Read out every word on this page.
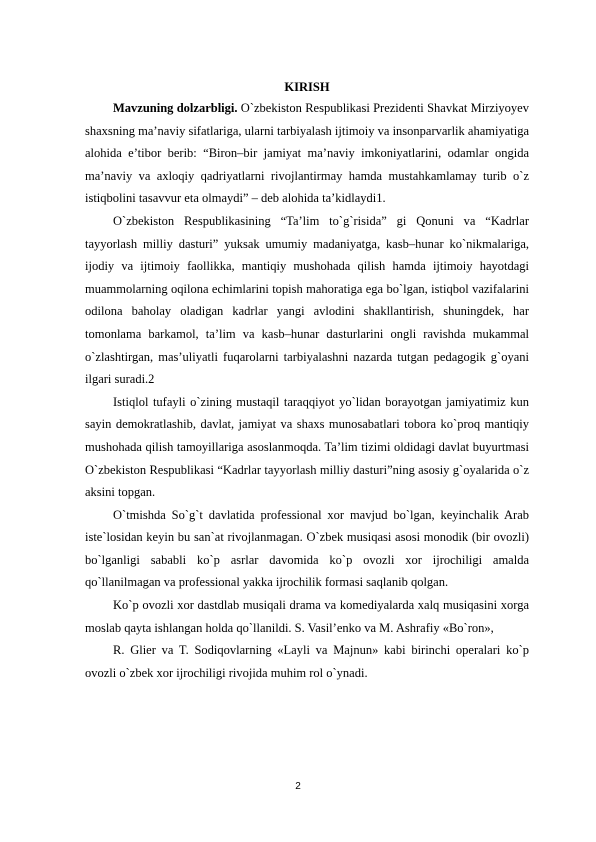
KIRISH

Mavzuning dolzarbligi. O`zbekiston Respublikasi Prezidenti Shavkat Mirziyoyev shaxsning ma’naviy sifatlariga, ularni tarbiyalash ijtimoiy va insonparvarlik ahamiyatiga alohida e’tibor berib: “Biron–bir jamiyat ma’naviy imkoniyatlarini, odamlar ongida ma’naviy va axloqiy qadriyatlarni rivojlantirmay hamda mustahkamlamay turib o`z istiqbolini tasavvur eta olmaydi” – deb alohida ta’kidlaydi1.

O`zbekiston Respublikasining “Ta’lim to`g`risida” gi Qonuni va “Kadrlar tayyorlash milliy dasturi” yuksak umumiy madaniyatga, kasb–hunar ko`nikmalariga, ijodiy va ijtimoiy faollikka, mantiqiy mushohada qilish hamda ijtimoiy hayotdagi muammolarning oqilona echimlarini topish mahoratiga ega bo`lgan, istiqbol vazifalarini odilona baholay oladigan kadrlar yangi avlodini shakllantirish, shuningdek, har tomonlama barkamol, ta’lim va kasb–hunar dasturlarini ongli ravishda mukammal o`zlashtirgan, mas’uliyatli fuqarolarni tarbiyalashni nazarda tutgan pedagogik g`oyani ilgari suradi.2

Istiqlol tufayli o`zining mustaqil taraqqiyot yo`lidan borayotgan jamiyatimiz kun sayin demokratlashib, davlat, jamiyat va shaxs munosabatlari tobora ko`proq mantiqiy mushohada qilish tamoyillariga asoslanmoqda. Ta’lim tizimi oldidagi davlat buyurtmasi O`zbekiston Respublikasi “Kadrlar tayyorlash milliy dasturi”ning asosiy g`oyalarida o`z aksini topgan.

O`tmishda So`g`t davlatida professional xor mavjud bo`lgan, keyinchalik Arab iste`losidan keyin bu san`at rivojlanmagan. O`zbek musiqasi asosi monodik (bir ovozli) bo`lganligi sababli ko`p asrlar davomida ko`p ovozli xor ijrochiligi amalda qo`llanilmagan va professional yakka ijrochilik formasi saqlanib qolgan.

Ko`p ovozli xor dastdlab musiqali drama va komediyalarda xalq musiqasini xorga moslab qayta ishlangan holda qo`llanildi. S. Vasil’enko va M. Ashrafiy «Bo`ron»,

R. Glier va T. Sodiqovlarning «Layli va Majnun» kabi birinchi operalari ko`p ovozli o`zbek xor ijrochiligi rivojida muhim rol o`ynadi.

2
